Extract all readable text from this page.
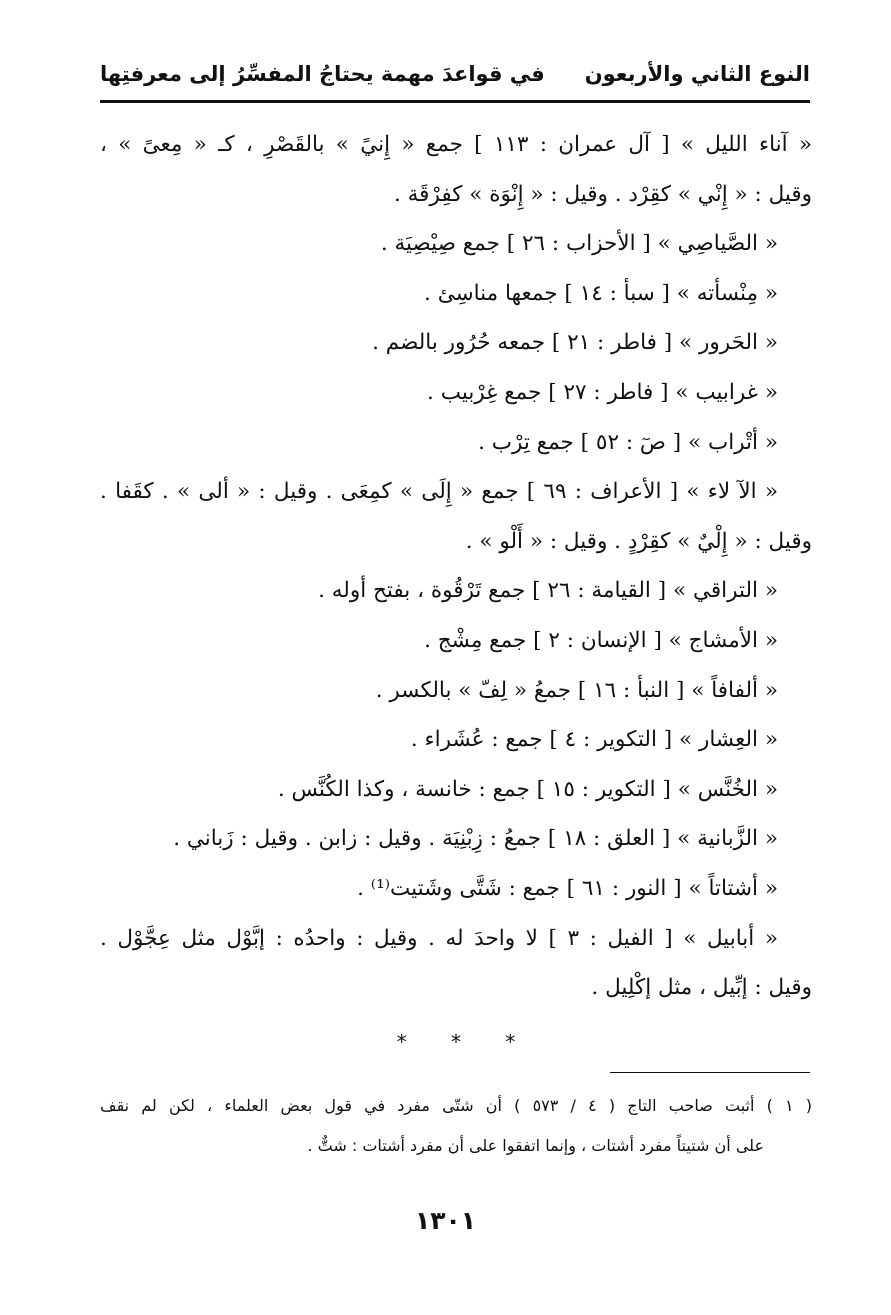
النوع الثاني والأربعون
في قواعدَ مهمة يحتاجُ المفسِّرُ إلى معرفتِها
« آناء الليل » [ آل عمران : ١١٣ ] جمع « إِنيً » بالقَصْرِ ، كـ « مِعىً » ،
وقيل : « إِنْي » كقِرْد . وقيل : « إِنْوَة » كفِرْقَة .
« الصَّياصِي » [ الأحزاب : ٢٦ ] جمع صِيْصِيَة .
« مِنْسأته » [ سبأ : ١٤ ] جمعها مناسِئ .
« الحَرور » [ فاطر : ٢١ ] جمعه حُرُور بالضم .
« غرابيب » [ فاطر : ٢٧ ] جمع غِرْبيب .
« أتْراب » [ صٓ : ٥٢ ] جمع تِرْب .
« الآ لاء » [ الأعراف : ٦٩ ] جمع « إِلَى » كمِعَى . وقيل : « ألى » . كقَفا .
وقيل : « إِلْيٌ » كقِرْدٍ . وقيل : « أَلْو » .
« التراقي » [ القيامة : ٢٦ ] جمع تَرْقُوة ، بفتح أوله .
« الأمشاج » [ الإنسان : ٢ ] جمع مِشْج .
« ألفافاً » [ النبأ : ١٦ ] جمعُ « لِفّ » بالكسر .
« العِشار » [ التكوير : ٤ ] جمع : عُشَراء .
« الخُنَّس » [ التكوير : ١٥ ] جمع : خانسة ، وكذا الكُنَّس .
« الزَّبانية » [ العلق : ١٨ ] جمعُ : زِبْنِيَة . وقيل : زابن . وقيل : زَباني .
« أشتاتاً » [ النور : ٦١ ] جمع : شَتَّى وشَتيت⁽¹⁾ .
« أبابيل » [ الفيل : ٣ ] لا واحدَ له . وقيل : واحدُه : إبَّوْل مثل عِجَّوْل .
وقيل : إبِّيل ، مثل إكْلِيل .
* * *
( ١ ) أثبت صاحب التاج ( ٤ / ٥٧٣ ) أن شتّى مفرد في قول بعض العلماء ، لكن لم نقف
على أن شتيتاً مفرد أشتات ، وإنما اتفقوا على أن مفرد أشتات : شتٌّ .
١٣٠١
